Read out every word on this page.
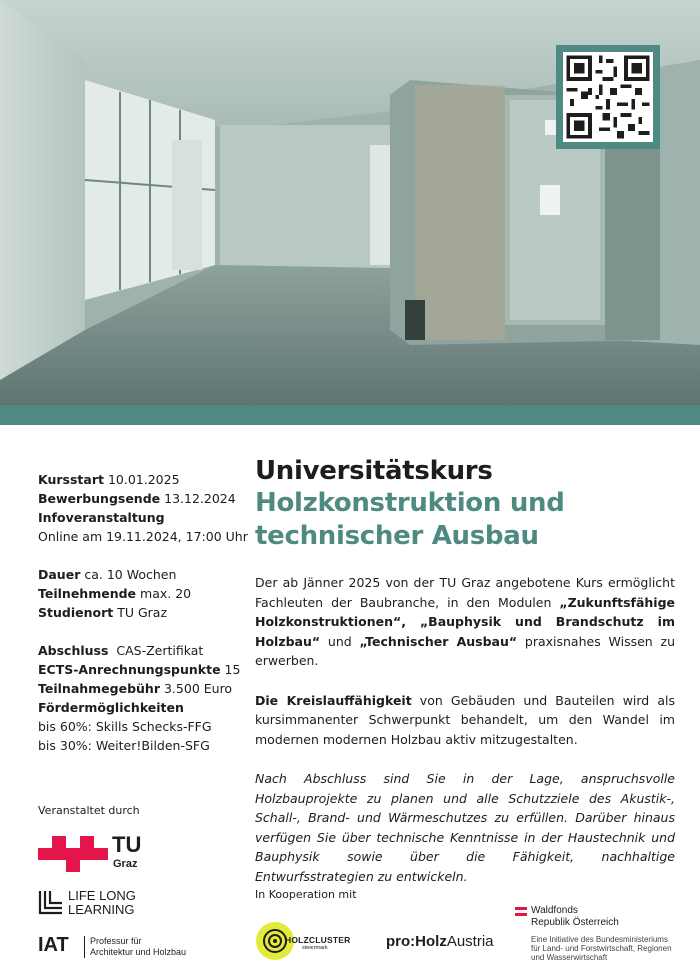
Kursstart 10.01.2025
Bewerbungsende 13.12.2024
Infoveranstaltung
Online am 19.11.2024, 17:00 Uhr
Dauer ca. 10 Wochen
Teilnehmende max. 20
Studienort TU Graz
Abschluss CAS-Zertifikat
ECTS-Anrechnungspunkte 15
Teilnahmegebühr 3.500 Euro
Fördermöglichkeiten
bis 60%: Skills Schecks-FFG
bis 30%: Weiter!Bilden-SFG
Veranstaltet durch
TU
Graz
LIFE LONG
LEARNING
IAT Professur für
Architektur und Holzbau
Universitätskurs
Holzkonstruktion und
technischer Ausbau
Der ab Jänner 2025 von der TU Graz angebotene Kurs ermöglicht Fachleuten der Baubranche, in den Modulen „Zukunftsfähige Holzkonstruktionen“, „Bauphysik und Brandschutz im Holzbau“ und „Technischer Ausbau“ praxisnahes Wissen zu erwerben.
Die Kreislauffähigkeit von Gebäuden und Bauteilen wird als kursimmanenter Schwerpunkt behandelt, um den Wandel im modernen modernen Holzbau aktiv mitzugestalten.
Nach Abschluss sind Sie in der Lage, anspruchsvolle Holzbauprojekte zu planen und alle Schutzziele des Akustik-, Schall-, Brand- und Wärmeschutzes zu erfüllen. Darüber hinaus verfügen Sie über technische Kenntnisse in der Haustechnik und Bauphysik sowie über die Fähigkeit, nachhaltige Entwurfsstrategien zu entwickeln.
In Kooperation mit
HOLZCLUSTER
steiermark	pro:HolzAustria
Waldfonds
Republik Österreich
Eine Initiative des Bundesministeriums
für Land- und Forstwirtschaft, Regionen
und Wasserwirtschaft
